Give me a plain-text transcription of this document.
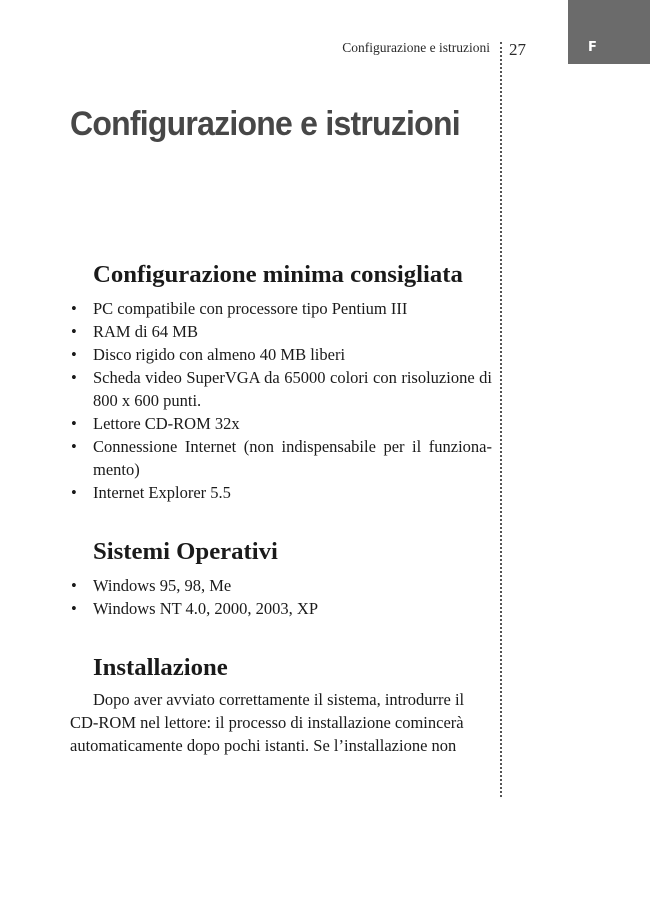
Configurazione e istruzioni 27	F
Configurazione e istruzioni
Configurazione minima consigliata
• PC compatibile con processore tipo Pentium III
• RAM di 64 MB
• Disco rigido con almeno 40 MB liberi
• Scheda video SuperVGA da 65000 colori con risoluzione di 800 x 600 punti.
• Lettore CD-ROM 32x
• Connessione Internet (non indispensabile per il funziona-mento)
• Internet Explorer 5.5
Sistemi Operativi
• Windows 95, 98, Me
• Windows NT 4.0, 2000, 2003, XP
Installazione

Dopo aver avviato correttamente il sistema, introdurre il CD-ROM nel lettore: il processo di installazione comincerà automaticamente dopo pochi istanti. Se l’installazione non
